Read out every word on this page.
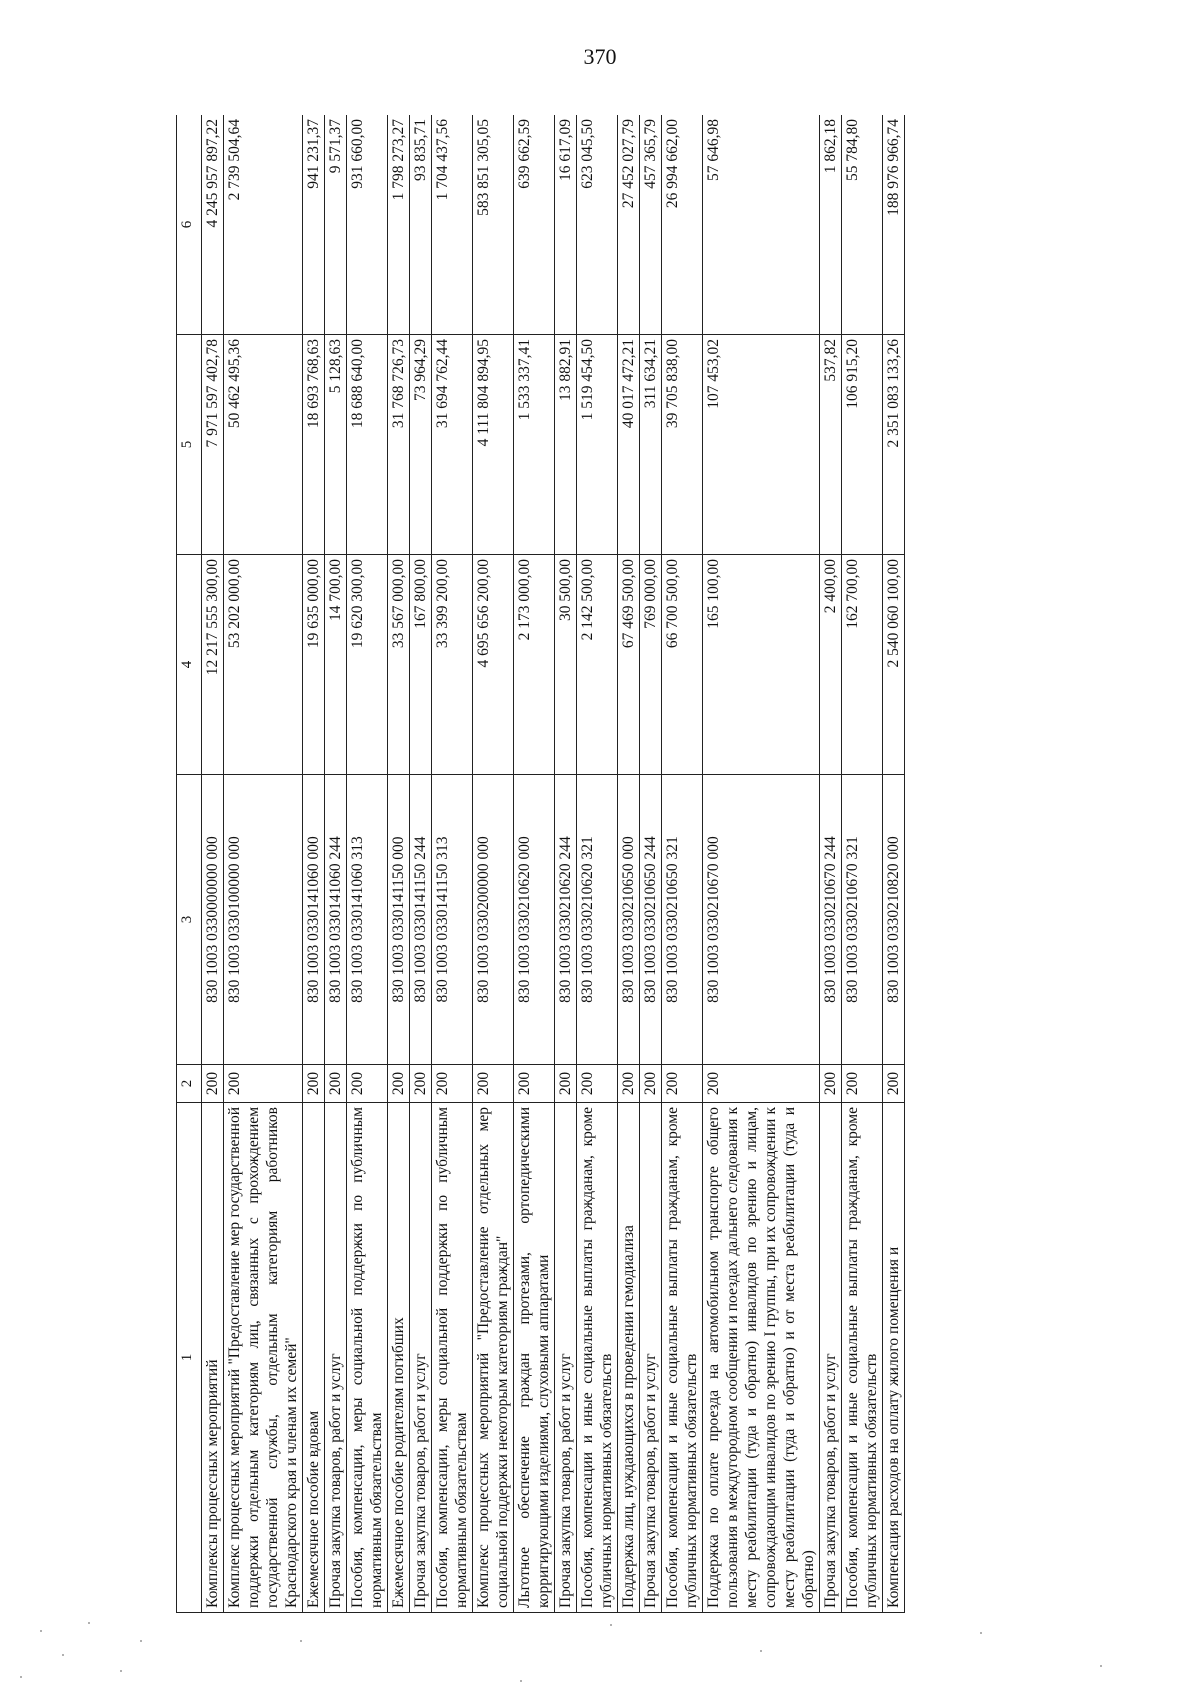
370
1	2	3	4	5	6
Комплексы процессных мероприятий	200	830 1003 0330000000 000	12 217 555 300,00	7 971 597 402,78	4 245 957 897,22
Комплекс процессных мероприятий "Предоставление мер государственной поддержки отдельным категориям лиц, связанных с прохождением государственной службы, отдельным категориям работников Краснодарского края и членам их семей"	200	830 1003 0330100000 000	53 202 000,00	50 462 495,36	2 739 504,64
Ежемесячное пособие вдовам	200	830 1003 0330141060 000	19 635 000,00	18 693 768,63	941 231,37
Прочая закупка товаров, работ и услуг	200	830 1003 0330141060 244	14 700,00	5 128,63	9 571,37
Пособия, компенсации, меры социальной поддержки по публичным нормативным обязательствам	200	830 1003 0330141060 313	19 620 300,00	18 688 640,00	931 660,00
Ежемесячное пособие родителям погибших	200	830 1003 0330141150 000	33 567 000,00	31 768 726,73	1 798 273,27
Прочая закупка товаров, работ и услуг	200	830 1003 0330141150 244	167 800,00	73 964,29	93 835,71
Пособия, компенсации, меры социальной поддержки по публичным нормативным обязательствам	200	830 1003 0330141150 313	33 399 200,00	31 694 762,44	1 704 437,56
Комплекс процессных мероприятий "Предоставление отдельных мер социальной поддержки некоторым категориям граждан"	200	830 1003 0330200000 000	4 695 656 200,00	4 111 804 894,95	583 851 305,05
Льготное обеспечение граждан протезами, ортопедическими корригирующими изделиями, слуховыми аппаратами	200	830 1003 0330210620 000	2 173 000,00	1 533 337,41	639 662,59
Прочая закупка товаров, работ и услуг	200	830 1003 0330210620 244	30 500,00	13 882,91	16 617,09
Пособия, компенсации и иные социальные выплаты гражданам, кроме публичных нормативных обязательств	200	830 1003 0330210620 321	2 142 500,00	1 519 454,50	623 045,50
Поддержка лиц, нуждающихся в проведении гемодиализа	200	830 1003 0330210650 000	67 469 500,00	40 017 472,21	27 452 027,79
Прочая закупка товаров, работ и услуг	200	830 1003 0330210650 244	769 000,00	311 634,21	457 365,79
Пособия, компенсации и иные социальные выплаты гражданам, кроме публичных нормативных обязательств	200	830 1003 0330210650 321	66 700 500,00	39 705 838,00	26 994 662,00
Поддержка по оплате проезда на автомобильном транспорте общего пользования в междугородном сообщении и поездах дальнего следования к месту реабилитации (туда и обратно) инвалидов по зрению и лицам, сопровождающим инвалидов по зрению I группы, при их сопровождении к месту реабилитации (туда и обратно) и от места реабилитации (туда и обратно)	200	830 1003 0330210670 000	165 100,00	107 453,02	57 646,98
Прочая закупка товаров, работ и услуг	200	830 1003 0330210670 244	2 400,00	537,82	1 862,18
Пособия, компенсации и иные социальные выплаты гражданам, кроме публичных нормативных обязательств	200	830 1003 0330210670 321	162 700,00	106 915,20	55 784,80
Компенсация расходов на оплату жилого помещения и	200	830 1003 0330210820 000	2 540 060 100,00	2 351 083 133,26	188 976 966,74
